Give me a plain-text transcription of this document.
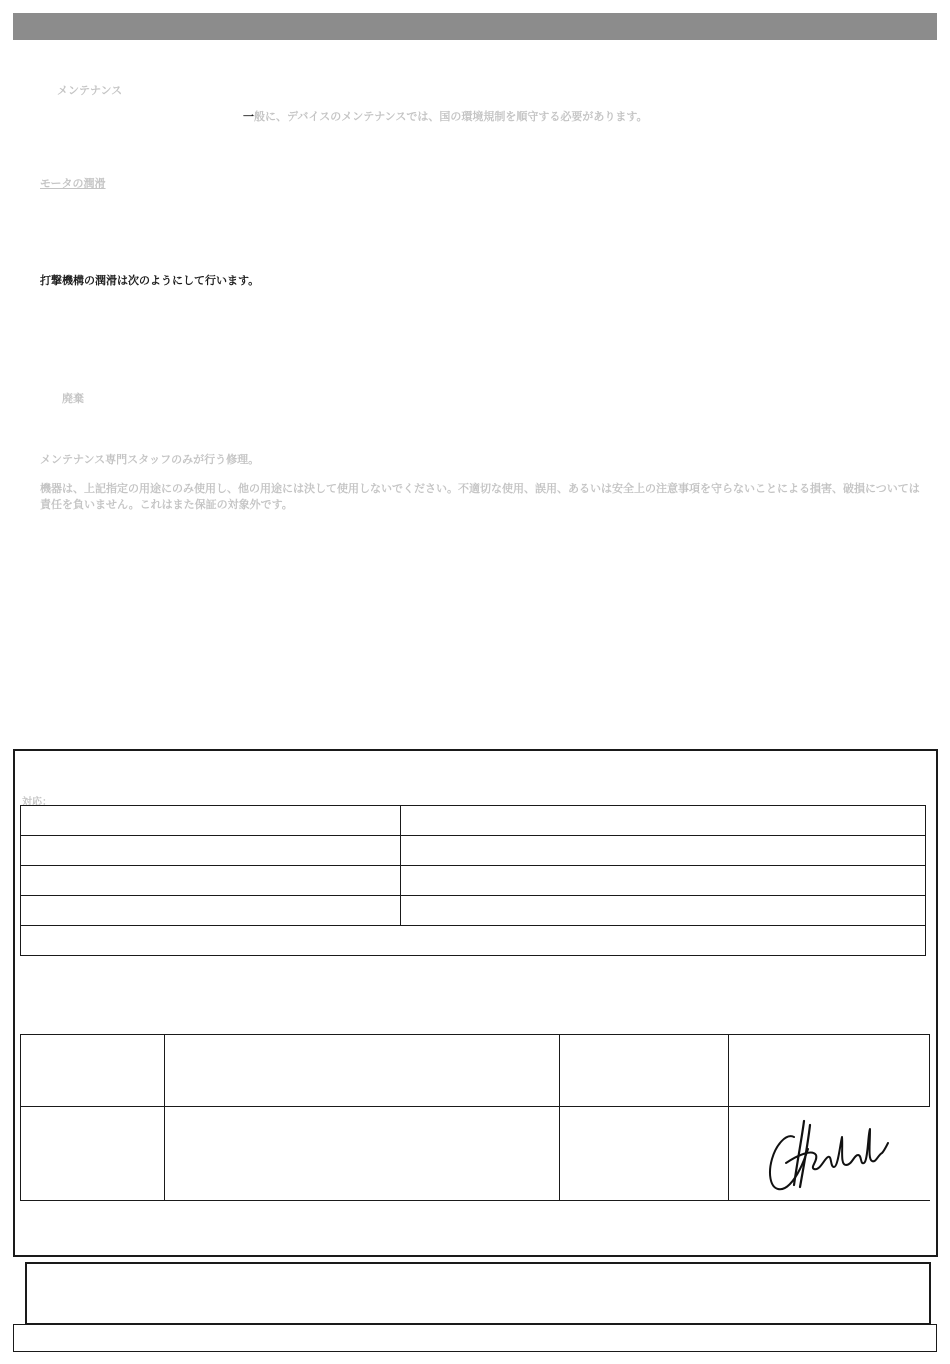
メンテナンス
一般に、デバイスのメンテナンスでは、国の環境規制を順守する必要があります。
モータの潤滑
打撃機構の潤滑は次のようにして行います。
廃棄
メンテナンス専門スタッフのみが行う修理。
機器は、上記指定の用途にのみ使用し、他の用途には決して使用しないでください。不適切な使用、誤用、あるいは安全上の注意事項を守らないことによる損害、破損については責任を負いません。これはまた保証の対象外です。
対応：
